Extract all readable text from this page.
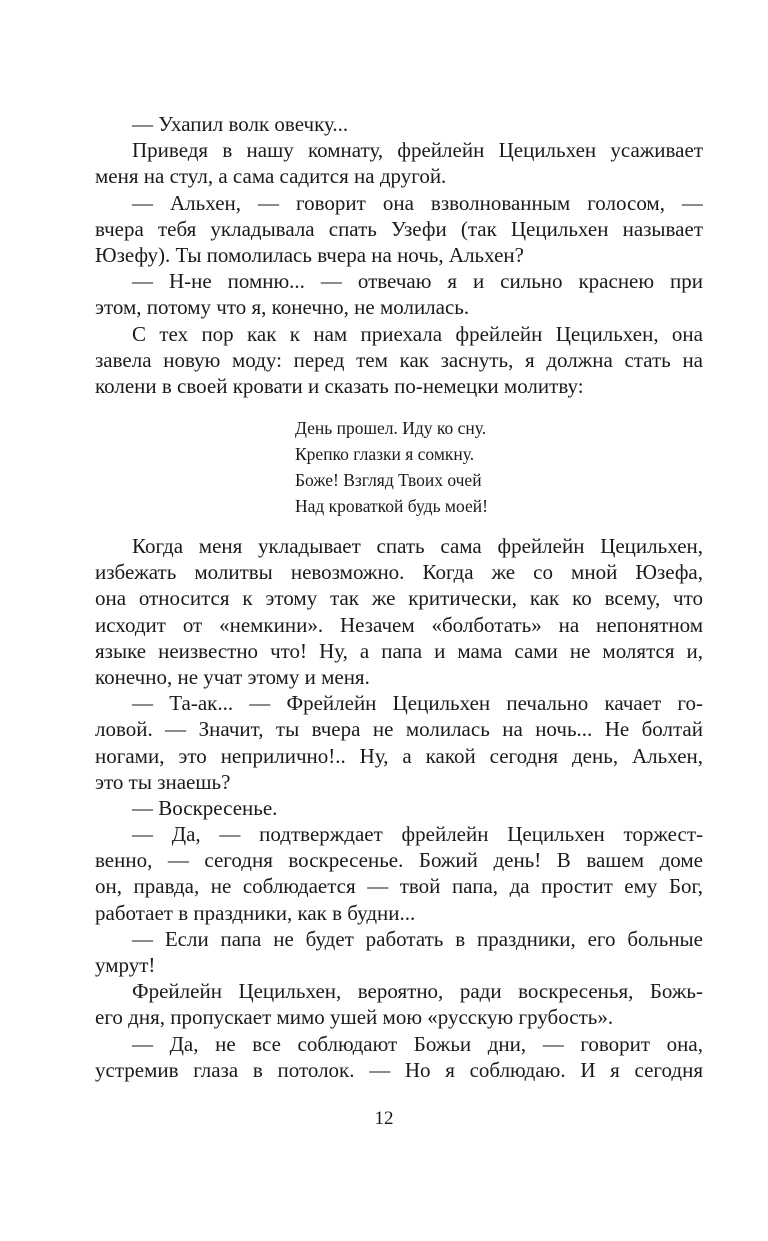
— Ухапил волк овечку...
Приведя в нашу комнату, фрейлейн Цецильхен усаживает
меня на стул, а сама садится на другой.
— Альхен, — говорит она взволнованным голосом, —
вчера тебя укладывала спать Узефи (так Цецильхен называет
Юзефу). Ты помолилась вчера на ночь, Альхен?
— Н-не помню... — отвечаю я и сильно краснею при
этом, потому что я, конечно, не молилась.
С тех пор как к нам приехала фрейлейн Цецильхен, она
завела новую моду: перед тем как заснуть, я должна стать на
колени в своей кровати и сказать по-немецки молитву:
День прошел. Иду ко сну.
Крепко глазки я сомкну.
Боже! Взгляд Твоих очей
Над кроваткой будь моей!
Когда меня укладывает спать сама фрейлейн Цецильхен,
избежать молитвы невозможно. Когда же со мной Юзефа,
она относится к этому так же критически, как ко всему, что
исходит от «немкини». Незачем «болботать» на непонятном
языке неизвестно что! Ну, а папа и мама сами не молятся и,
конечно, не учат этому и меня.
— Та-ак... — Фрейлейн Цецильхен печально качает го-
ловой. — Значит, ты вчера не молилась на ночь... Не болтай
ногами, это неприлично!.. Ну, а какой сегодня день, Альхен,
это ты знаешь?
— Воскресенье.
— Да, — подтверждает фрейлейн Цецильхен торжест-
венно, — сегодня воскресенье. Божий день! В вашем доме
он, правда, не соблюдается — твой папа, да простит ему Бог,
работает в праздники, как в будни...
— Если папа не будет работать в праздники, его больные
умрут!
Фрейлейн Цецильхен, вероятно, ради воскресенья, Божь-
его дня, пропускает мимо ушей мою «русскую грубость».
— Да, не все соблюдают Божьи дни, — говорит она,
устремив глаза в потолок. — Но я соблюдаю. И я сегодня
12
